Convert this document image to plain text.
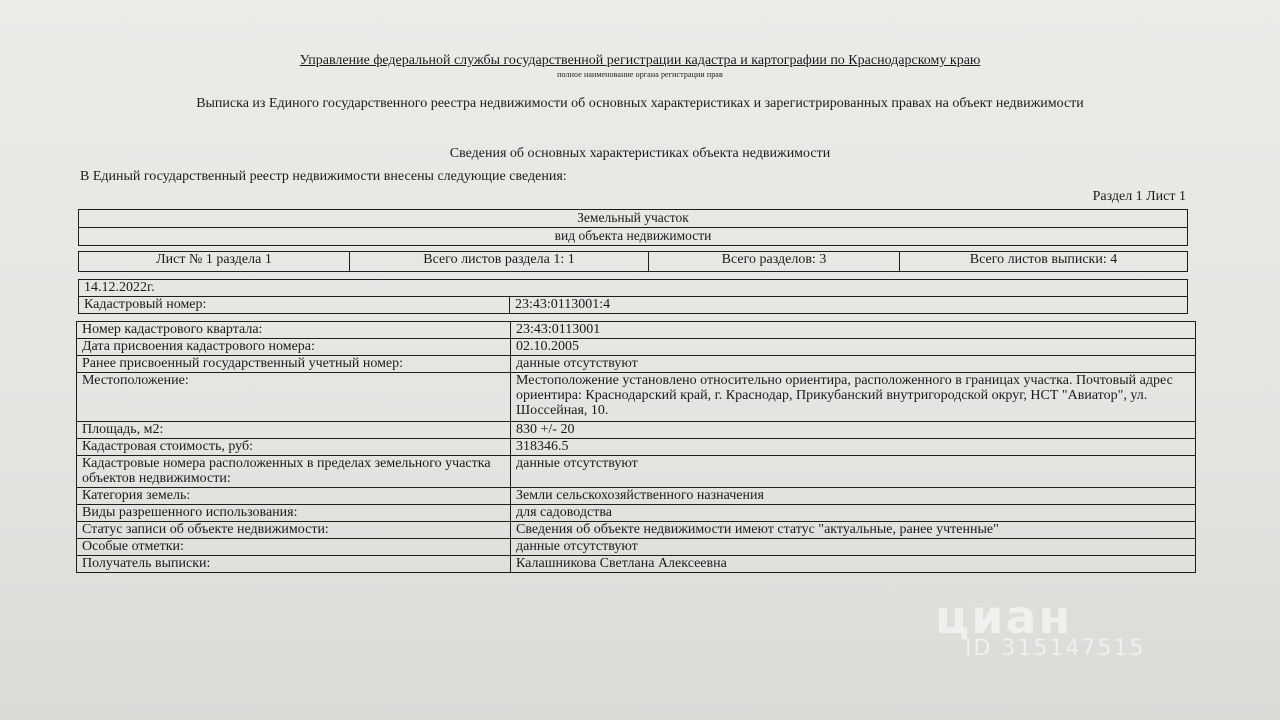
Управление федеральной службы государственной регистрации кадастра и картографии по Краснодарскому краю
полное наименование органа регистрации прав
Выписка из Единого государственного реестра недвижимости об основных характеристиках и зарегистрированных правах на объект недвижимости
Сведения об основных характеристиках объекта недвижимости
В Единый государственный реестр недвижимости внесены следующие сведения:
Раздел 1 Лист 1
Земельный участок
вид объекта недвижимости
Лист № 1 раздела 1	Всего листов раздела 1: 1	Всего разделов: 3	Всего листов выписки: 4
14.12.2022г.
Кадастровый номер:	23:43:0113001:4
Номер кадастрового квартала:	23:43:0113001
Дата присвоения кадастрового номера:	02.10.2005
Ранее присвоенный государственный учетный номер:	данные отсутствуют
Местоположение:	Местоположение установлено относительно ориентира, расположенного в границах участка. Почтовый адрес ориентира: Краснодарский край, г. Краснодар, Прикубанский внутригородской округ, НСТ "Авиатор", ул. Шоссейная, 10.
Площадь, м2:	830 +/- 20
Кадастровая стоимость, руб:	318346.5
Кадастровые номера расположенных в пределах земельного участка объектов недвижимости:	данные отсутствуют
Категория земель:	Земли сельскохозяйственного назначения
Виды разрешенного использования:	для садоводства
Статус записи об объекте недвижимости:	Сведения об объекте недвижимости имеют статус "актуальные, ранее учтенные"
Особые отметки:	данные отсутствуют
Получатель выписки:	Калашникова Светлана Алексеевна
циан
ID 315147515
